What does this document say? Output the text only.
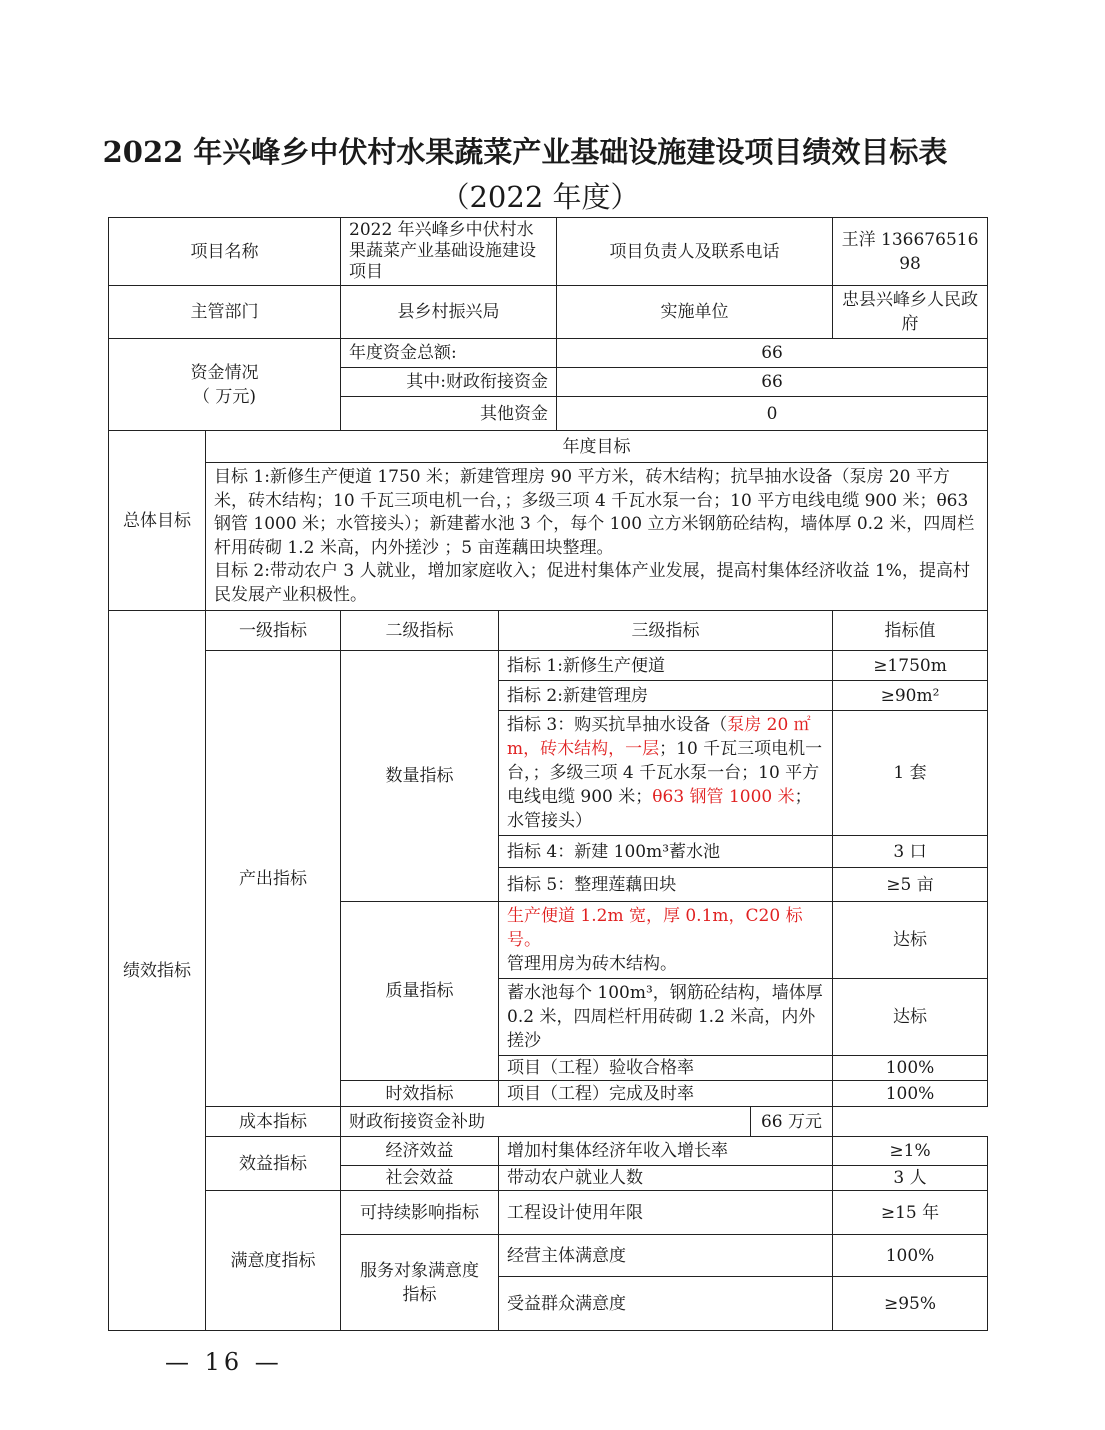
2022 年兴峰乡中伏村水果蔬菜产业基础设施建设项目绩效目标表
（2022 年度）
项目名称		2022 年兴峰乡中伏村水果蔬菜产业基础设施建设项目		项目负责人及联系电话		王洋 13667651698
主管部门		县乡村振兴局		实施单位		忠县兴峰乡人民政府

资金情况
（ 万元)		年度资金总额:		66		
		其中:财政衔接资金		66		
		其他资金		0		
总体目标	年度目标					

	目标 1:新修生产便道 1750 米；新建管理房 90 平方米，砖木结构；抗旱抽水设备（泵房 20 平方米，砖木结构；10 千瓦三项电机一台，；多级三项 4 千瓦水泵一台；10 平方电线电缆 900 米；θ63 钢管 1000 米；水管接头）；新建蓄水池 3 个，每个 100 立方米钢筋砼结构，墙体厚 0.2 米，四周栏杆用砖砌 1.2 米高，内外搓沙 ；5 亩莲藕田块整理。
目标 2:带动农户 3 人就业，增加家庭收入；促进村集体产业发展，提高村集体经济收益 1%，提高村民发展产业积极性。					

绩效指标	一级指标	二级指标	三级指标			指标值
	产出指标	数量指标	指标 1:新修生产便道			≥1750m
			指标 2:新建管理房			≥90m²
			指标 3：购买抗旱抽水设备（泵房 20 ㎡m，砖木结构，一层；10 千瓦三项电机一台，；多级三项 4 千瓦水泵一台；10 平方电线电缆 900 米；θ63 钢管 1000 米；水管接头）			1 套
			指标 4：新建 100m³蓄水池			3 口
			指标 5：整理莲藕田块			≥5 亩
		质量指标	生产便道 1.2m 宽，厚 0.1m，C20 标号。
管理用房为砖木结构。			达标
			蓄水池每个 100m³，钢筋砼结构，墙体厚 0.2 米，四周栏杆用砖砌 1.2 米高，内外搓沙			达标
			项目（工程）验收合格率			100%
		时效指标	项目（工程）完成及时率			100%
	成本指标	财政衔接资金补助			66 万元	
	效益指标	经济效益	增加村集体经济年收入增长率			≥1%
		社会效益	带动农户就业人数			3 人
	满意度指标	可持续影响指标	工程设计使用年限			≥15 年
		服务对象满意度指标	经营主体满意度			100%
			受益群众满意度			≥95%
— 16 —
